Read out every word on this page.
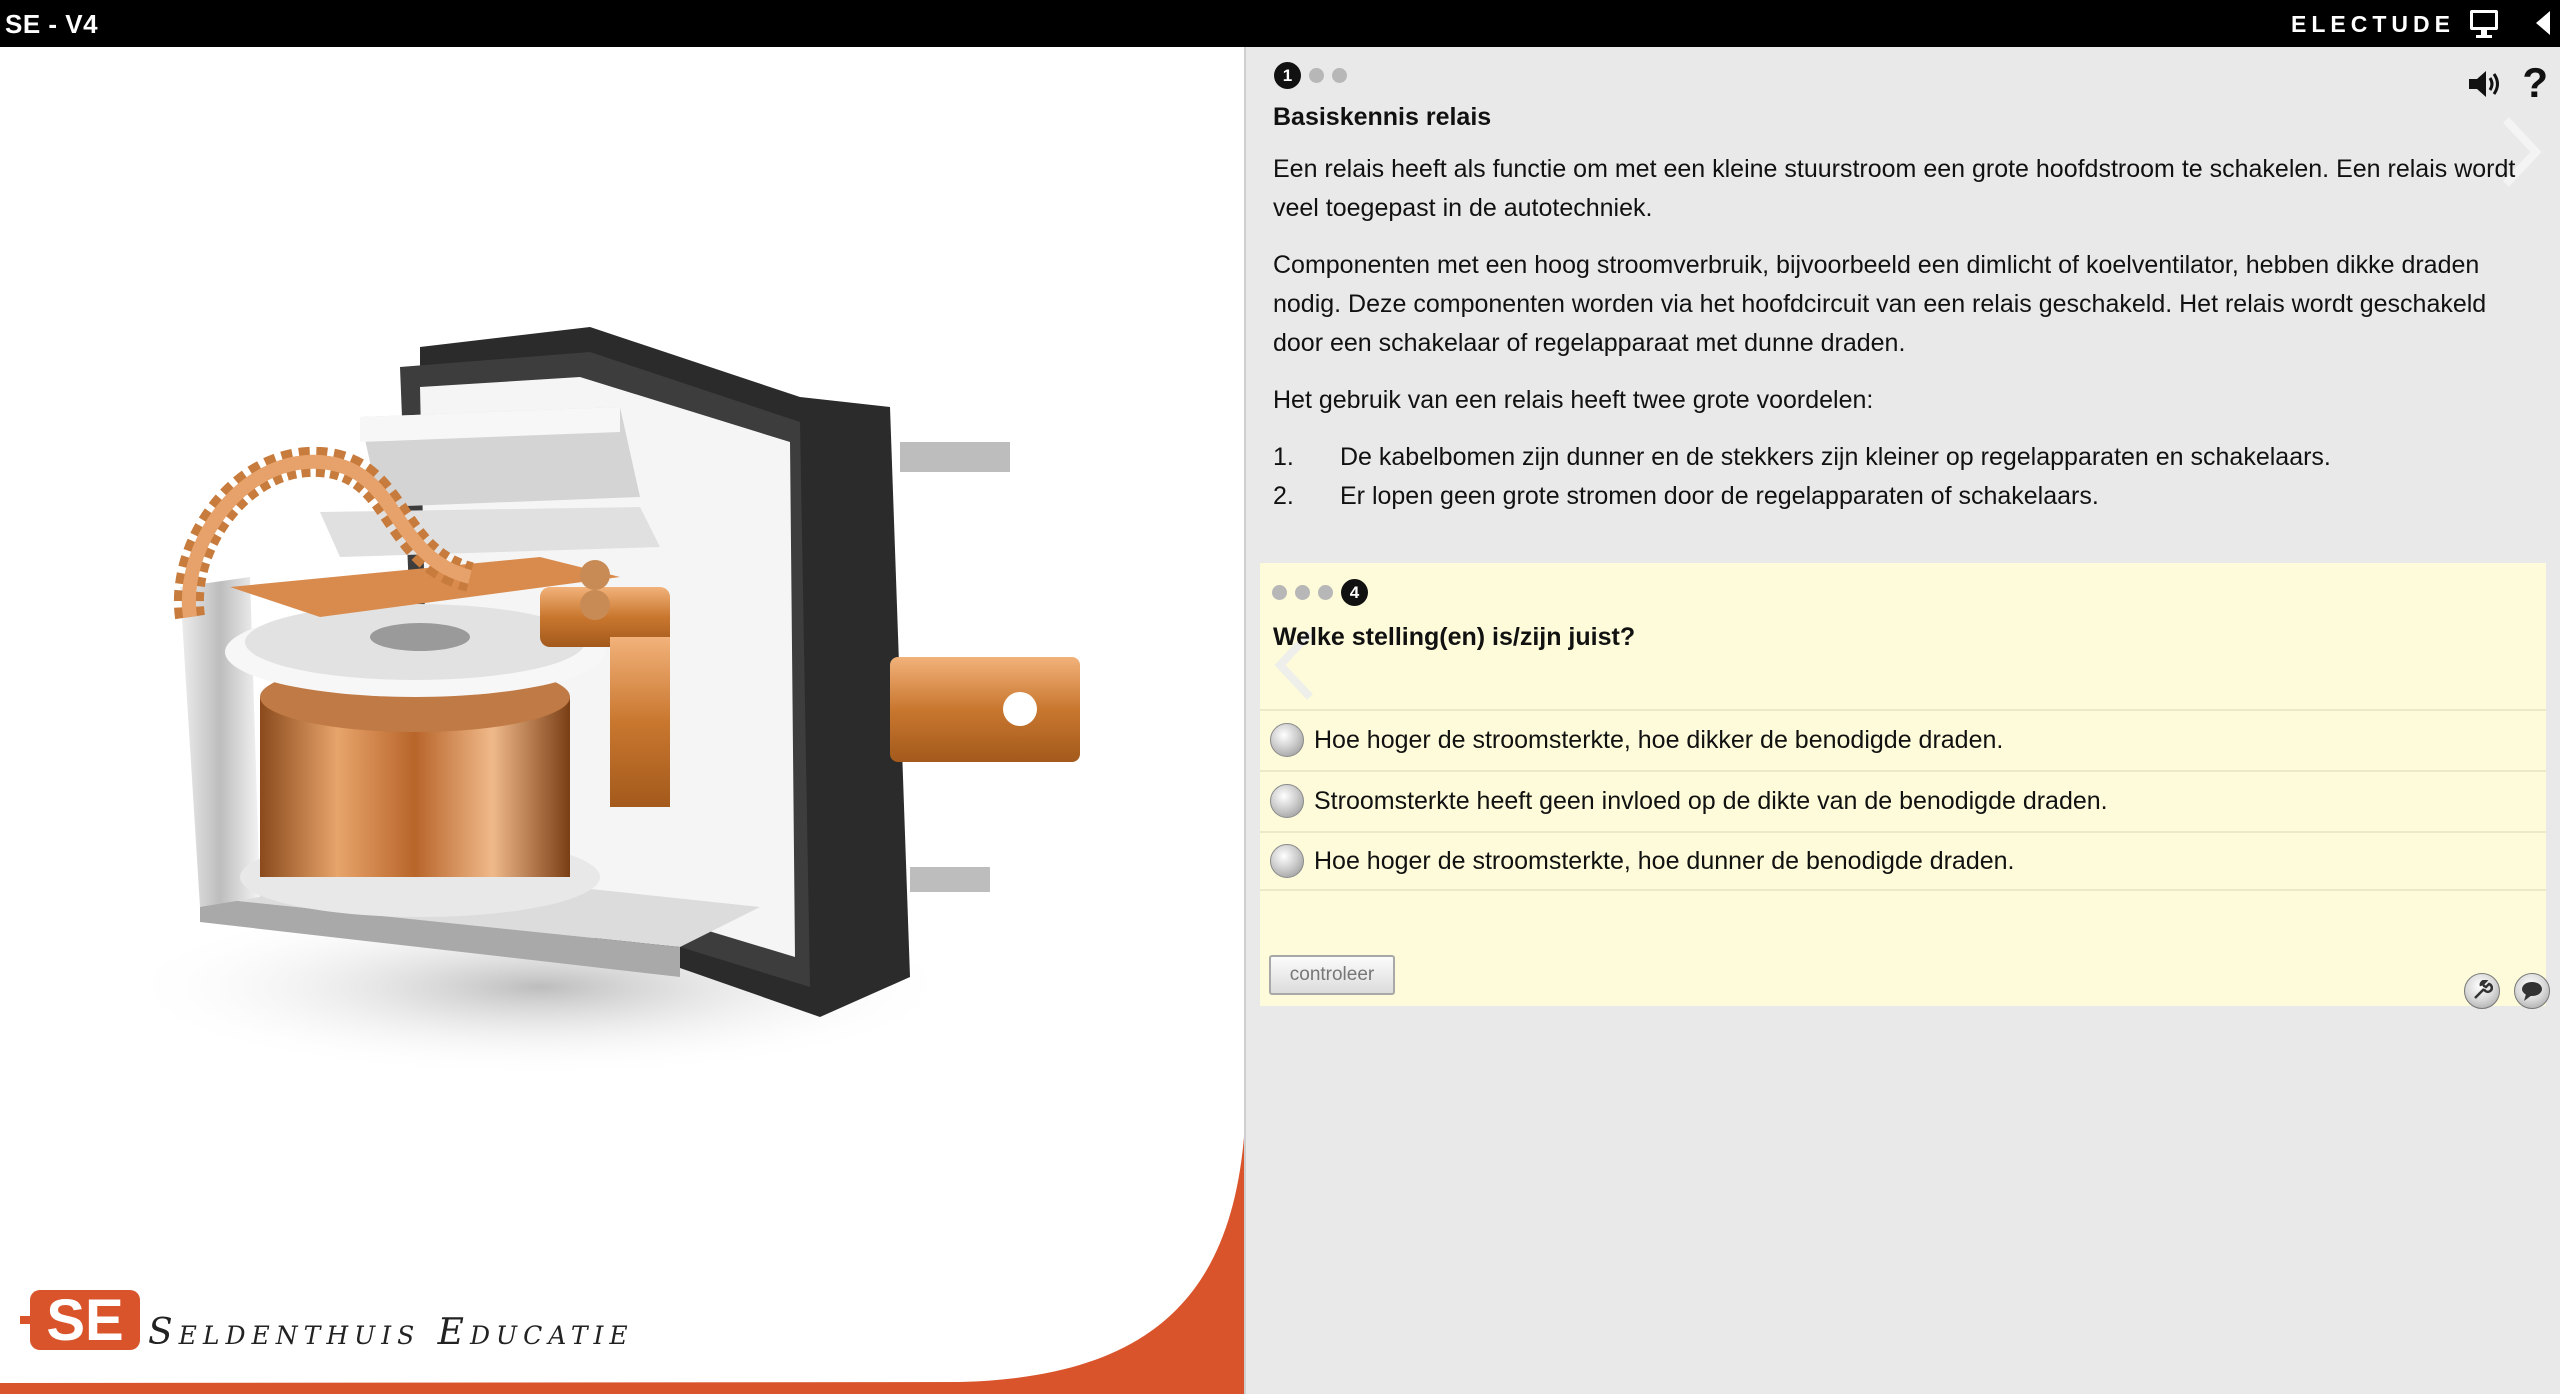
SE - V4	ELECTUDE
SE Seldenthuis Educatie
1	?
Basiskennis relais
Een relais heeft als functie om met een kleine stuurstroom een grote hoofdstroom te schakelen. Een relais wordt veel toegepast in de autotechniek.
Componenten met een hoog stroomverbruik, bijvoorbeeld een dimlicht of koelventilator, hebben dikke draden nodig. Deze componenten worden via het hoofdcircuit van een relais geschakeld. Het relais wordt geschakeld door een schakelaar of regelapparaat met dunne draden.
Het gebruik van een relais heeft twee grote voordelen:
1.	De kabelbomen zijn dunner en de stekkers zijn kleiner op regelapparaten en schakelaars.
2.	Er lopen geen grote stromen door de regelapparaten of schakelaars.
4
Welke stelling(en) is/zijn juist?
Hoe hoger de stroomsterkte, hoe dikker de benodigde draden.
Stroomsterkte heeft geen invloed op de dikte van de benodigde draden.
Hoe hoger de stroomsterkte, hoe dunner de benodigde draden.
controleer
